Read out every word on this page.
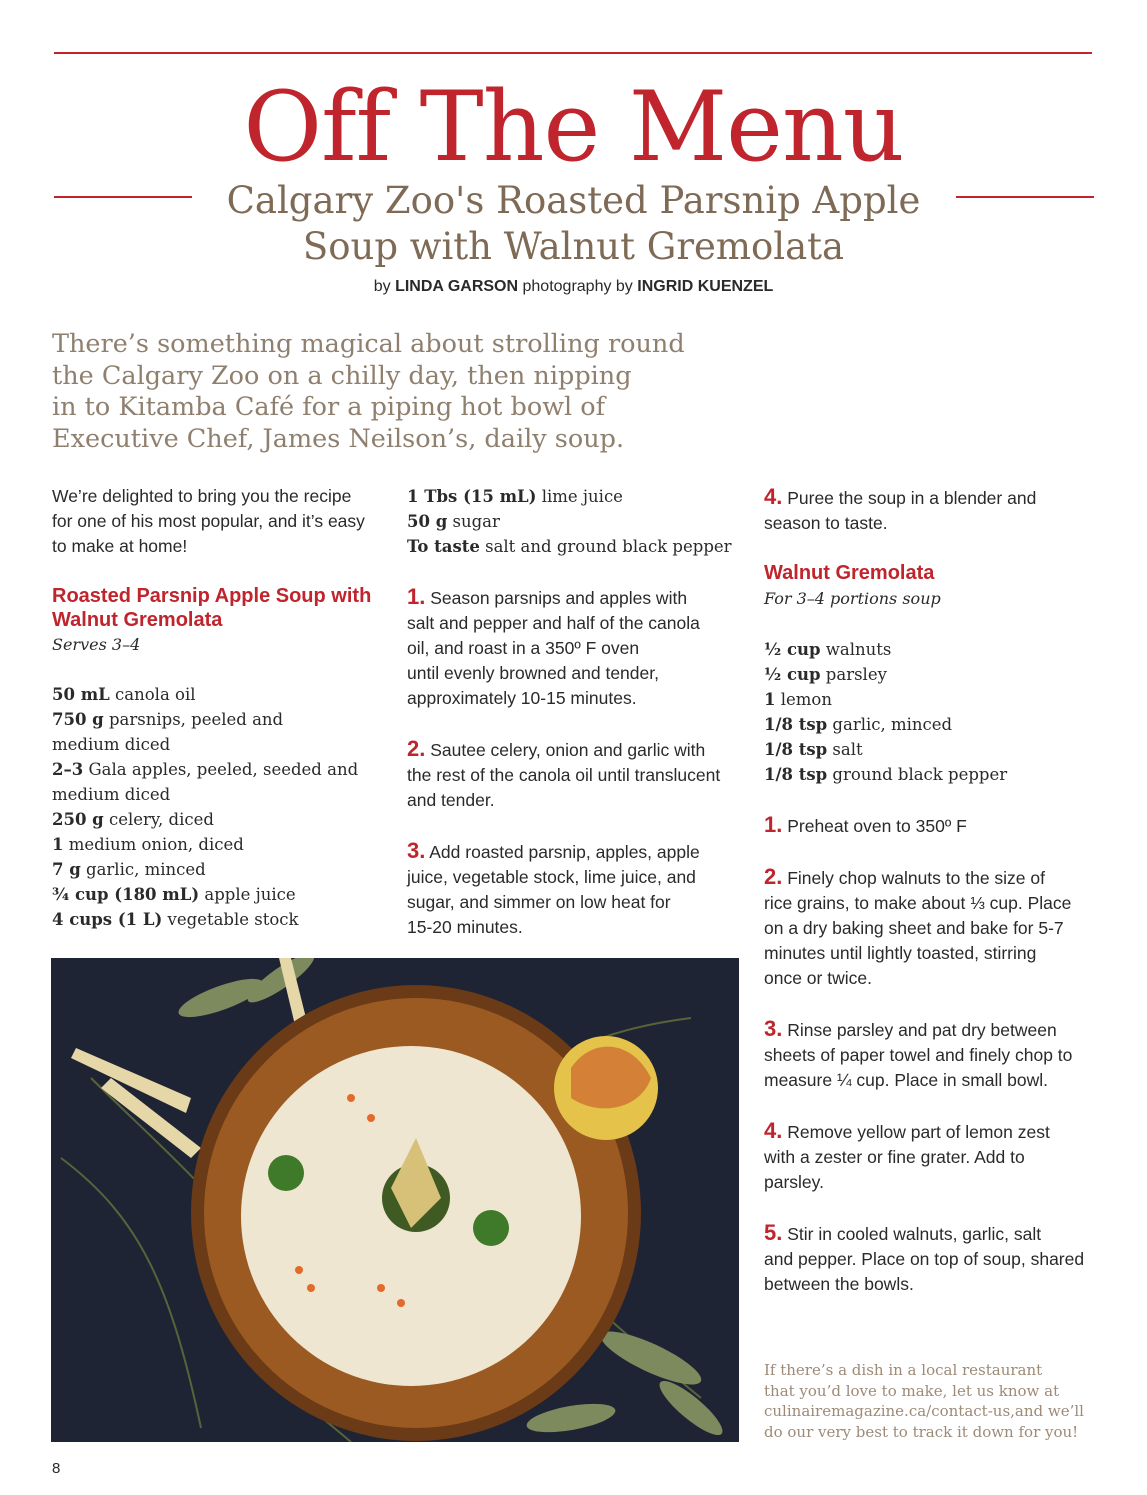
Off The Menu
Calgary Zoo's Roasted Parsnip Apple
Soup with Walnut Gremolata
by LINDA GARSON photography by INGRID KUENZEL
There’s something magical about strolling round
the Calgary Zoo on a chilly day, then nipping
in to Kitamba Café for a piping hot bowl of
Executive Chef, James Neilson’s, daily soup.
We’re delighted to bring you the recipe
for one of his most popular, and it’s easy
to make at home!
Roasted Parsnip Apple Soup with
Walnut Gremolata
Serves 3–4
50 mL canola oil
750 g parsnips, peeled and
medium diced
2–3 Gala apples, peeled, seeded and
medium diced
250 g celery, diced
1 medium onion, diced
7 g garlic, minced
¾ cup (180 mL) apple juice
4 cups (1 L) vegetable stock
1 Tbs (15 mL) lime juice
50 g sugar
To taste salt and ground black pepper
1. Season parsnips and apples with
salt and pepper and half of the canola
oil, and roast in a 350º F oven
until evenly browned and tender,
approximately 10-15 minutes.
2. Sautee celery, onion and garlic with
the rest of the canola oil until translucent
and tender.
3. Add roasted parsnip, apples, apple
juice, vegetable stock, lime juice, and
sugar, and simmer on low heat for
15-20 minutes.
4. Puree the soup in a blender and
season to taste.
Walnut Gremolata
For 3–4 portions soup
½ cup walnuts
½ cup parsley
1 lemon
1/8 tsp garlic, minced
1/8 tsp salt
1/8 tsp ground black pepper
1. Preheat oven to 350º F
2. Finely chop walnuts to the size of
rice grains, to make about ⅓ cup. Place
on a dry baking sheet and bake for 5-7
minutes until lightly toasted, stirring
once or twice.
3. Rinse parsley and pat dry between
sheets of paper towel and finely chop to
measure ¼ cup. Place in small bowl.
4. Remove yellow part of lemon zest
with a zester or fine grater. Add to
parsley.
5. Stir in cooled walnuts, garlic, salt
and pepper. Place on top of soup, shared
between the bowls.
If there’s a dish in a local restaurant
that you’d love to make, let us know at
culinairemagazine.ca/contact-us,and we’ll
do our very best to track it down for you!
8
